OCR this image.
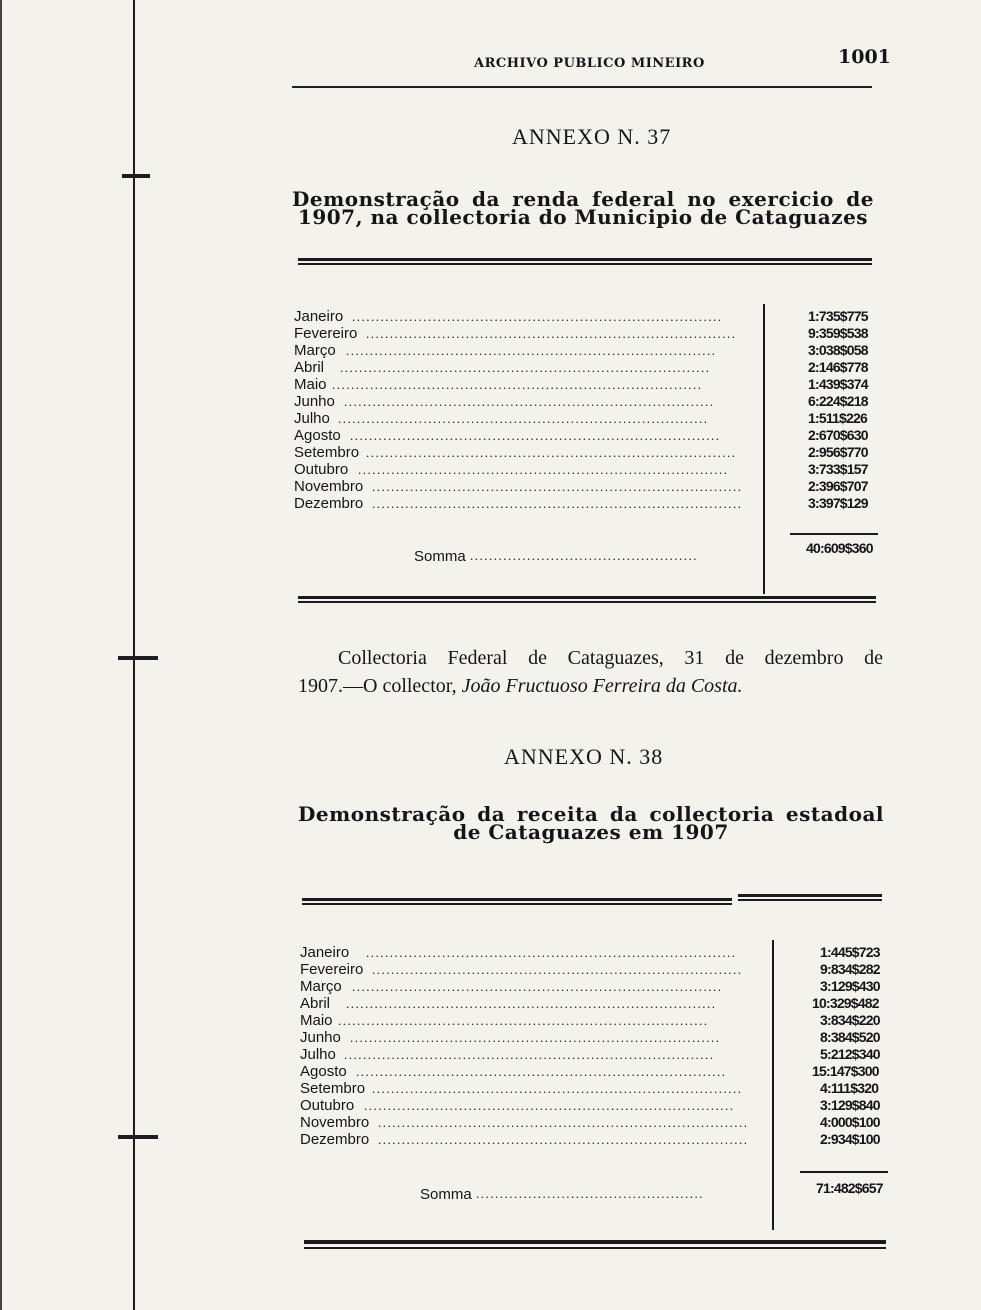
ARCHIVO PUBLICO MINEIRO	1001
ANNEXO N. 37
Demonstração da renda federal no exercicio de
1907, na collectoria do Municipio de Cataguazes
Janeiro ..............................................................................	1:735$775
Fevereiro ..............................................................................	9:359$538
Março ..............................................................................	3:038$058
Abril ..............................................................................	2:146$778
Maio ..............................................................................	1:439$374
Junho ..............................................................................	6:224$218
Julho ..............................................................................	1:511$226
Agosto ..............................................................................	2:670$630
Setembro ..............................................................................	2:956$770
Outubro ..............................................................................	3:733$157
Novembro ..............................................................................	2:396$707
Dezembro ..............................................................................	3:397$129
Somma ................................................	40:609$360
Collectoria Federal de Cataguazes, 31 de dezembro de
1907.—O collector, João Fructuoso Ferreira da Costa.
ANNEXO N. 38
Demonstração da receita da collectoria estadoal
de Cataguazes em 1907
Janeiro ..............................................................................	1:445$723
Fevereiro ..............................................................................	9:834$282
Março ..............................................................................	3:129$430
Abril ..............................................................................	10:329$482
Maio ..............................................................................	3:834$220
Junho ..............................................................................	8:384$520
Julho ..............................................................................	5:212$340
Agosto ..............................................................................	15:147$300
Setembro ..............................................................................	4:111$320
Outubro ..............................................................................	3:129$840
Novembro ..............................................................................	4:000$100
Dezembro ..............................................................................	2:934$100
Somma ................................................	71:482$657
